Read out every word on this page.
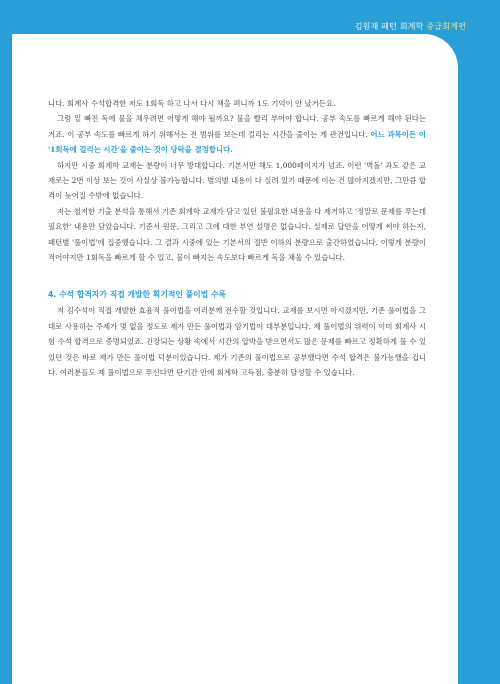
김원재 패턴 회계학 중급회계편

니다. 회계사 수석합격한 저도 1회독 하고 나서 다시 책을 펴니까 1도 기억이 안 났거든요.

그럼 밑 빠진 독에 물을 채우려면 어떻게 해야 될까요? 물을 빨리 부어야 합니다. 공부 속도를 빠르게 해야 된다는 거죠. 이 공부 속도를 빠르게 하기 위해서는 전 범위를 보는데 걸리는 시간을 줄이는 게 관건입니다. 어느 과목이든 이 '1회독에 걸리는 시간'을 줄이는 것이 당락을 결정합니다.

하지만 시중 회계학 교재는 분량이 너무 방대합니다. 기본서만 해도 1,000페이지가 넘죠. 이런 '벽돌' 과도 같은 교재로는 2번 이상 보는 것이 사실상 불가능합니다. 별의별 내용이 다 실려 있기 때문에 이는 건 많아지겠지만, 그만큼 합격이 늦어질 수밖에 없습니다.

저는 철저한 기출 분석을 통해서 기존 회계학 교재가 담고 있던 불필요한 내용을 다 제거하고 '정말로 문제를 푸는데 필요한' 내용만 담았습니다. 기준서 원문, 그리고 그에 대한 부연 설명은 없습니다. 실제로 답안을 어떻게 써야 하는지, 패턴별 '풀이법'에 집중했습니다. 그 결과 시중에 있는 기본서의 절반 이하의 분량으로 출간하였습니다. 이렇게 분량이 적어야지만 1회독을 빠르게 할 수 있고, 물이 빠지는 속도보다 빠르게 독을 채울 수 있습니다.

4. 수석 합격자가 직접 개발한 획기적인 풀이법 수록

저 김수석이 직접 개발한 효율적 풀이법을 여러분께 전수할 것입니다. 교재를 보시면 아시겠지만, 기존 풀이법을 그대로 사용하는 주제가 몇 없을 정도로 제가 만든 풀이법과 암기법이 대부분입니다. 제 풀이법의 위력이 이미 회계사 시험 수석 합격으로 증명되었죠. 긴장되는 상황 속에서 시간의 압박을 받으면서도 많은 문제를 빠르고 정확하게 풀 수 있었던 것은 바로 제가 만든 풀이법 덕분이었습니다. 제가 기존의 풀이법으로 공부했다면 수석 합격은 불가능했을 겁니다. 여러분들도 제 풀이법으로 푸신다면 단기간 안에 회계학 고득점, 충분히 달성할 수 있습니다.
